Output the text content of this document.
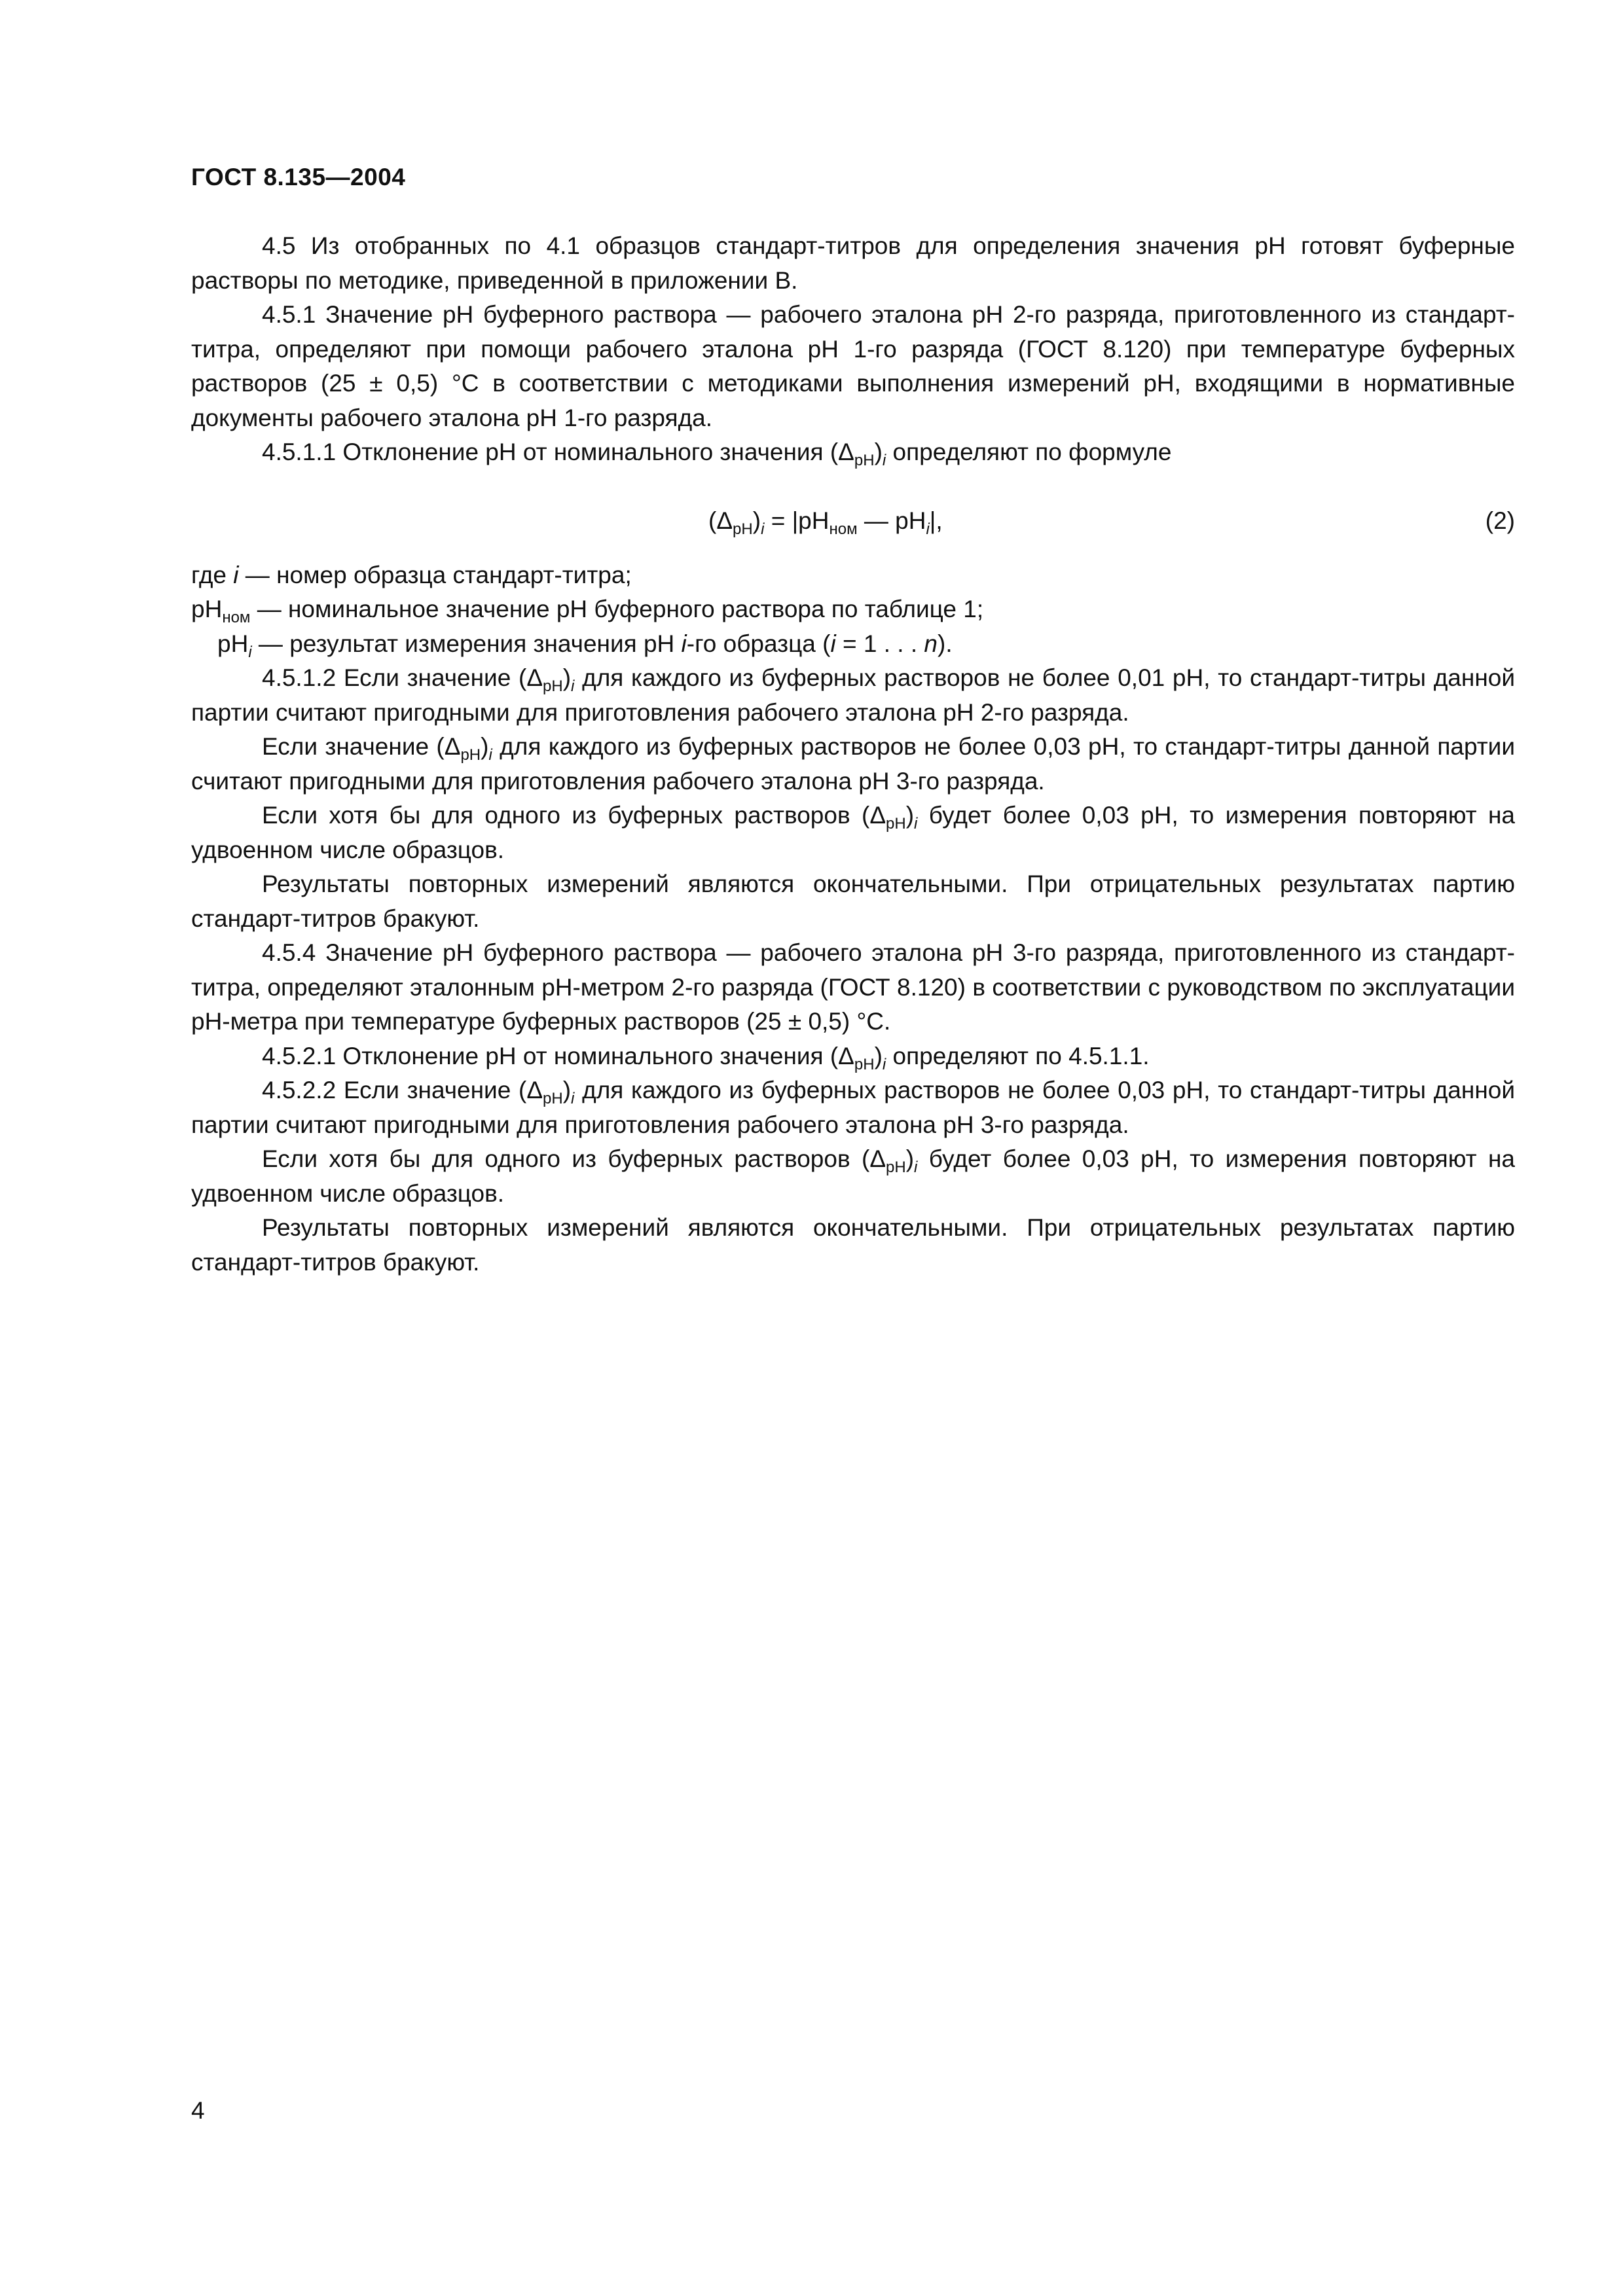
ГОСТ 8.135—2004

4.5 Из отобранных по 4.1 образцов стандарт-титров для определения значения рН готовят буферные растворы по методике, приведенной в приложении В.

4.5.1 Значение рН буферного раствора — рабочего эталона рН 2-го разряда, приготовленного из стандарт-титра, определяют при помощи рабочего эталона рН 1-го разряда (ГОСТ 8.120) при температуре буферных растворов (25 ± 0,5) °С в соответствии с методиками выполнения измерений рН, входящими в нормативные документы рабочего эталона рН 1-го разряда.

4.5.1.1 Отклонение рН от номинального значения $(\Delta_{рН})_i$ определяют по формуле

$(\Delta_{рН})_i = |рН_{ном}$ — $рН_i|$,	(2)

где i — номер образца стандарт-титра;

$рН_{ном}$ — номинальное значение рН буферного раствора по таблице 1;

$рН_i$ — результат измерения значения рН i-го образца (i = 1 . . . n).

4.5.1.2 Если значение $(\Delta_{рН})_i$ для каждого из буферных растворов не более 0,01 рН, то стандарт-титры данной партии считают пригодными для приготовления рабочего эталона рН 2-го разряда.

Если значение $(\Delta_{рН})_i$ для каждого из буферных растворов не более 0,03 рН, то стандарт-титры данной партии считают пригодными для приготовления рабочего эталона рН 3-го разряда.

Если хотя бы для одного из буферных растворов $(\Delta_{рН})_i$ будет более 0,03 рН, то измерения повторяют на удвоенном числе образцов.

Результаты повторных измерений являются окончательными. При отрицательных результатах партию стандарт-титров бракуют.

4.5.4 Значение рН буферного раствора — рабочего эталона рН 3-го разряда, приготовленного из стандарт-титра, определяют эталонным рН-метром 2-го разряда (ГОСТ 8.120) в соответствии с руководством по эксплуатации рН-метра при температуре буферных растворов (25 ± 0,5) °С.

4.5.2.1 Отклонение рН от номинального значения $(\Delta_{рН})_i$ определяют по 4.5.1.1.

4.5.2.2 Если значение $(\Delta_{рН})_i$ для каждого из буферных растворов не более 0,03 рН, то стандарт-титры данной партии считают пригодными для приготовления рабочего эталона рН 3-го разряда.

Если хотя бы для одного из буферных растворов $(\Delta_{рН})_i$ будет более 0,03 рН, то измерения повторяют на удвоенном числе образцов.

Результаты повторных измерений являются окончательными. При отрицательных результатах партию стандарт-титров бракуют.

4
